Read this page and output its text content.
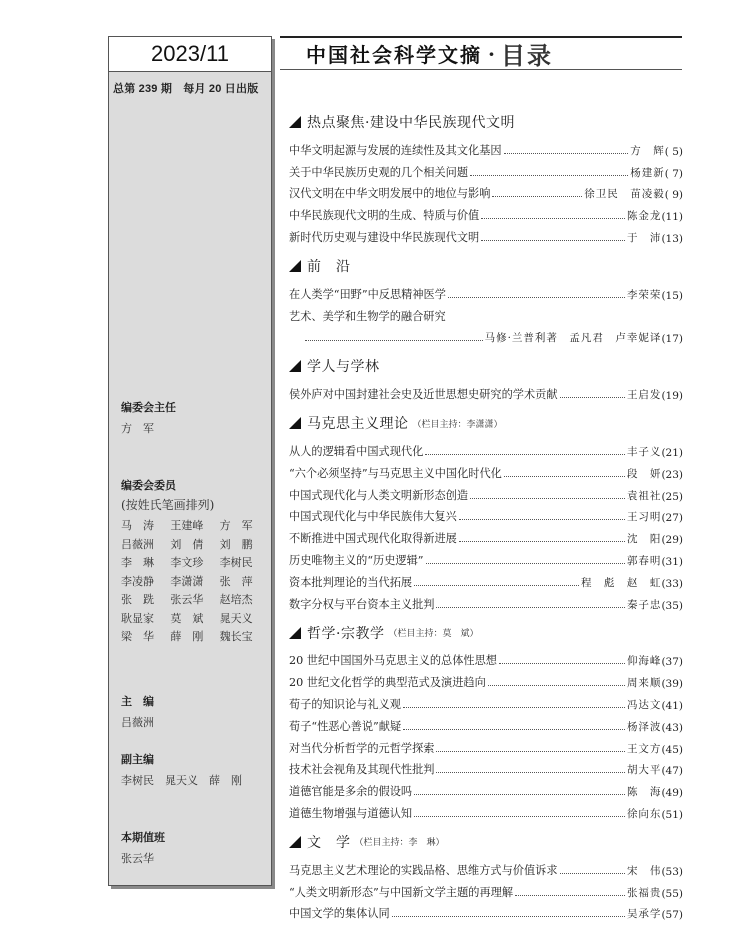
2023/11
总第 239 期　每月 20 日出版
编委会主任
方　军
编委会委员
(按姓氏笔画排列)
马　涛	王建峰	方　军
吕薇洲	刘　倩	刘　鹏
李　琳	李文珍	李树民
李凌静	李潇潇	张　萍
张　跣	张云华	赵培杰
耿显家	莫　斌	晁天义
梁　华	薛　刚	魏长宝
主　编
吕薇洲
副主编
李树民　晁天义　薛　刚
本期值班
张云华
中国社会科学文摘 · 目录
热点聚焦·建设中华民族现代文明
中华文明起源与发展的连续性及其文化基因	方　辉 ( 5)
关于中华民族历史观的几个相关问题	杨建新 ( 7)
汉代文明在中华文明发展中的地位与影响	徐卫民　苗凌毅 ( 9)
中华民族现代文明的生成、特质与价值	陈金龙 (11)
新时代历史观与建设中华民族现代文明	于　沛 (13)
前　沿
在人类学“田野”中反思精神医学	李荣荣 (15)
艺术、美学和生物学的融合研究
马修·兰普利著　孟凡君　卢幸妮译 (17)
学人与学林
侯外庐对中国封建社会史及近世思想史研究的学术贡献	王启发 (19)
马克思主义理论 （栏目主持：李潇潇）
从人的逻辑看中国式现代化	丰子义 (21)
“六个必须坚持”与马克思主义中国化时代化	段　妍 (23)
中国式现代化与人类文明新形态创造	袁祖社 (25)
中国式现代化与中华民族伟大复兴	王习明 (27)
不断推进中国式现代化取得新进展	沈　阳 (29)
历史唯物主义的“历史逻辑”	郭春明 (31)
资本批判理论的当代拓展	程　彪　赵　虹 (33)
数字分权与平台资本主义批判	秦子忠 (35)
哲学·宗教学 （栏目主持：莫　斌）
20 世纪中国国外马克思主义的总体性思想	仰海峰 (37)
20 世纪文化哲学的典型范式及演进趋向	周来顺 (39)
荀子的知识论与礼义观	冯达文 (41)
荀子“性恶心善说”献疑	杨泽波 (43)
对当代分析哲学的元哲学探索	王文方 (45)
技术社会视角及其现代性批判	胡大平 (47)
道德官能是多余的假设吗	陈　海 (49)
道德生物增强与道德认知	徐向东 (51)
文　学 （栏目主持：李　琳）
马克思主义艺术理论的实践品格、思维方式与价值诉求	宋　伟 (53)
“人类文明新形态”与中国新文学主题的再理解	张福贵 (55)
中国文学的集体认同	吴承学 (57)
